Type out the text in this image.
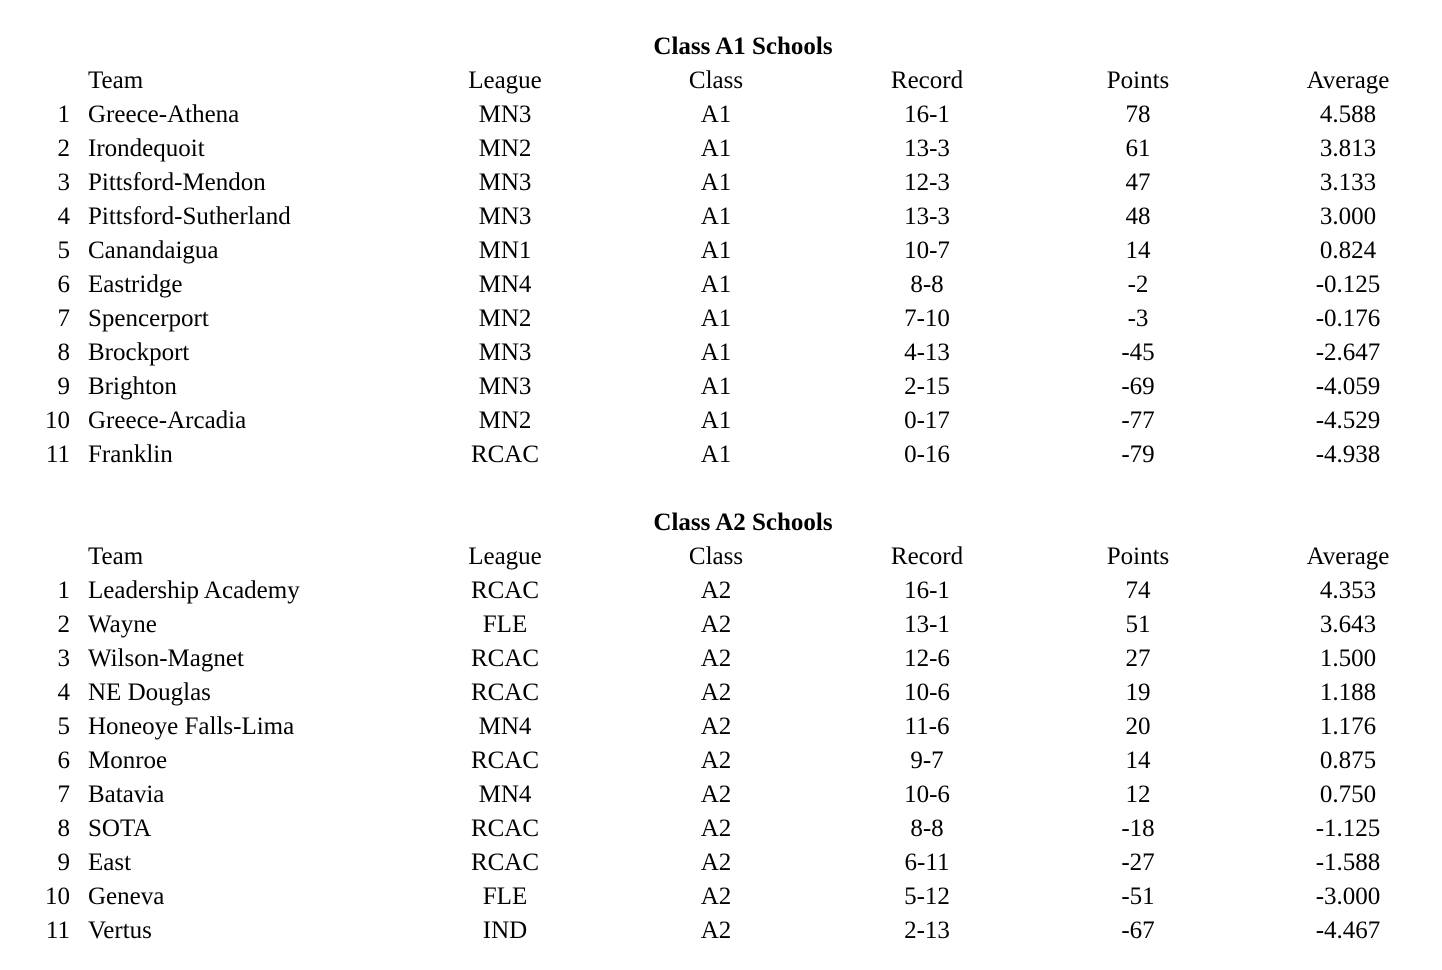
Class A1 Schools
Team	League	Class	Record	Points	Average
1 Greece-Athena	MN3	A1	16-1	78	4.588
2 Irondequoit	MN2	A1	13-3	61	3.813
3 Pittsford-Mendon	MN3	A1	12-3	47	3.133
4 Pittsford-Sutherland	MN3	A1	13-3	48	3.000
5 Canandaigua	MN1	A1	10-7	14	0.824
6 Eastridge	MN4	A1	8-8	-2	-0.125
7 Spencerport	MN2	A1	7-10	-3	-0.176
8 Brockport	MN3	A1	4-13	-45	-2.647
9 Brighton	MN3	A1	2-15	-69	-4.059
10 Greece-Arcadia	MN2	A1	0-17	-77	-4.529
11 Franklin	RCAC	A1	0-16	-79	-4.938
Class A2 Schools
Team	League	Class	Record	Points	Average
1 Leadership Academy	RCAC	A2	16-1	74	4.353
2 Wayne	FLE	A2	13-1	51	3.643
3 Wilson-Magnet	RCAC	A2	12-6	27	1.500
4 NE Douglas	RCAC	A2	10-6	19	1.188
5 Honeoye Falls-Lima	MN4	A2	11-6	20	1.176
6 Monroe	RCAC	A2	9-7	14	0.875
7 Batavia	MN4	A2	10-6	12	0.750
8 SOTA	RCAC	A2	8-8	-18	-1.125
9 East	RCAC	A2	6-11	-27	-1.588
10 Geneva	FLE	A2	5-12	-51	-3.000
11 Vertus	IND	A2	2-13	-67	-4.467
